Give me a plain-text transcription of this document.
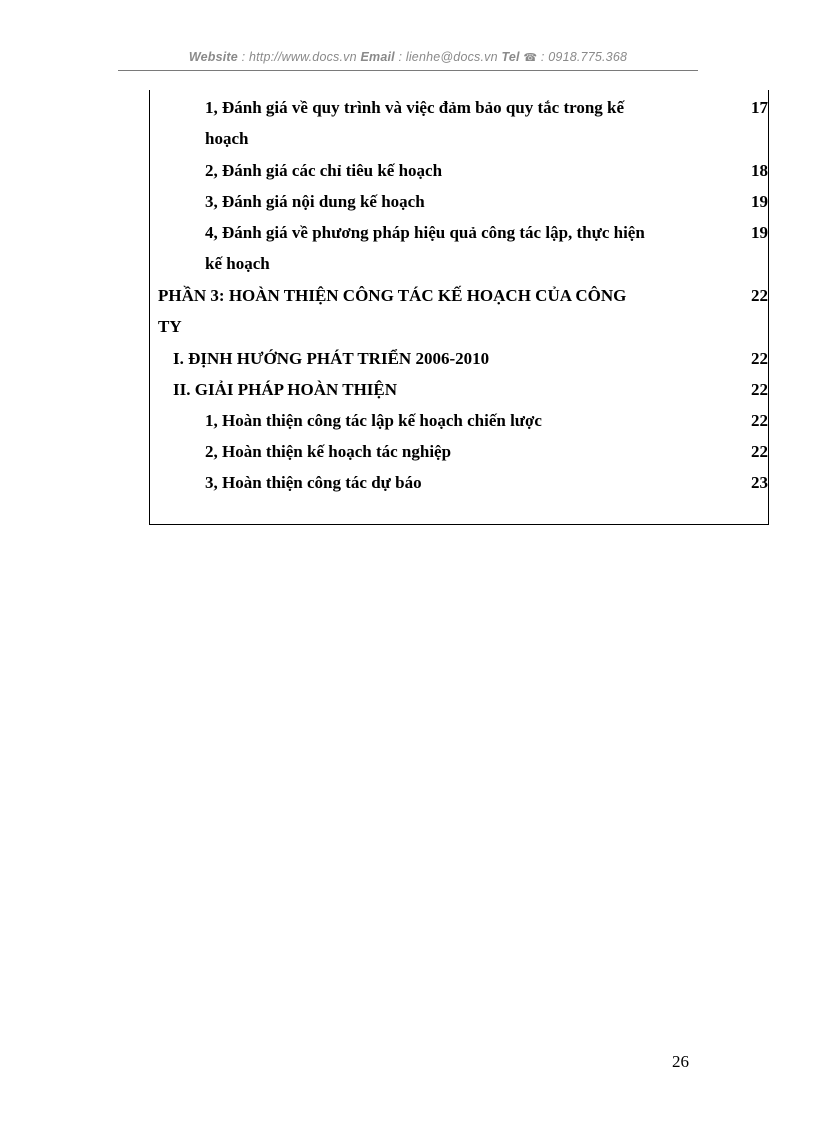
Website : http://www.docs.vn Email : lienhe@docs.vn Tel ☎ : 0918.775.368
1, Đánh giá về quy trình và việc đảm bảo quy tắc trong kế
hoạch
17
2, Đánh giá các chỉ tiêu kế hoạch	18
3, Đánh giá nội dung kế hoạch	19
4, Đánh giá về phương pháp hiệu quả công tác lập, thực hiện
kế hoạch
19
PHẦN 3: HOÀN THIỆN CÔNG TÁC KẾ HOẠCH CỦA CÔNG
TY
22
I. ĐỊNH HƯỚNG PHÁT TRIỂN 2006-2010	22
II. GIẢI PHÁP HOÀN THIỆN	22
1, Hoàn thiện công tác lập kế hoạch chiến lược	22
2, Hoàn thiện kế hoạch tác nghiệp	22
3, Hoàn thiện công tác dự báo	23
26
